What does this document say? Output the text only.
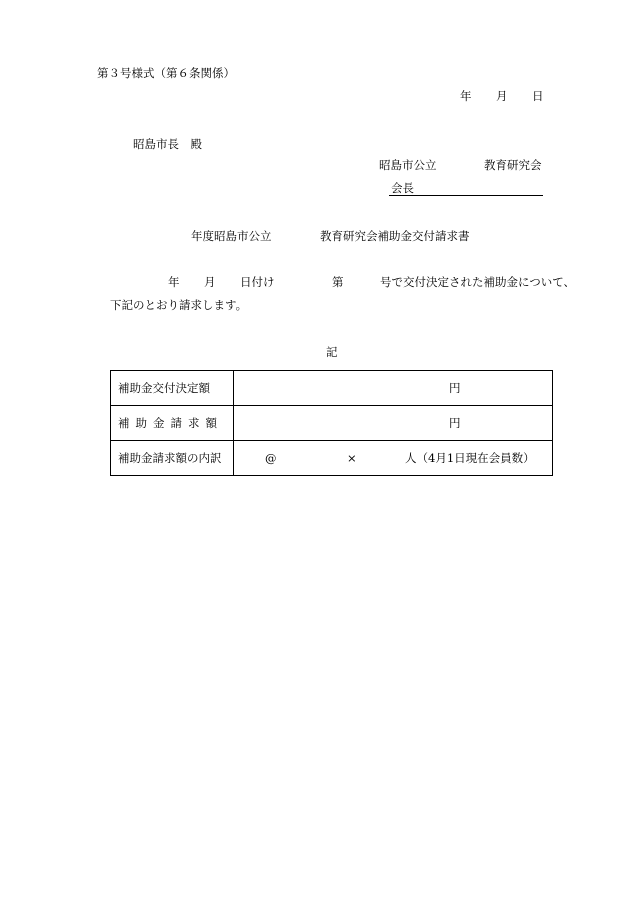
第３号様式（第６条関係）
年 月 日
昭島市長　殿
昭島市公立	教育研究会
会長
年度昭島市公立	教育研究会補助金交付請求書
年 月 日付け	第	号で交付決定された補助金について、
下記のとおり請求します。
記
補助金交付決定額	円

補助金請求額	円

補助金請求額の内訳	@ × 人（4月1日現在会員数）
